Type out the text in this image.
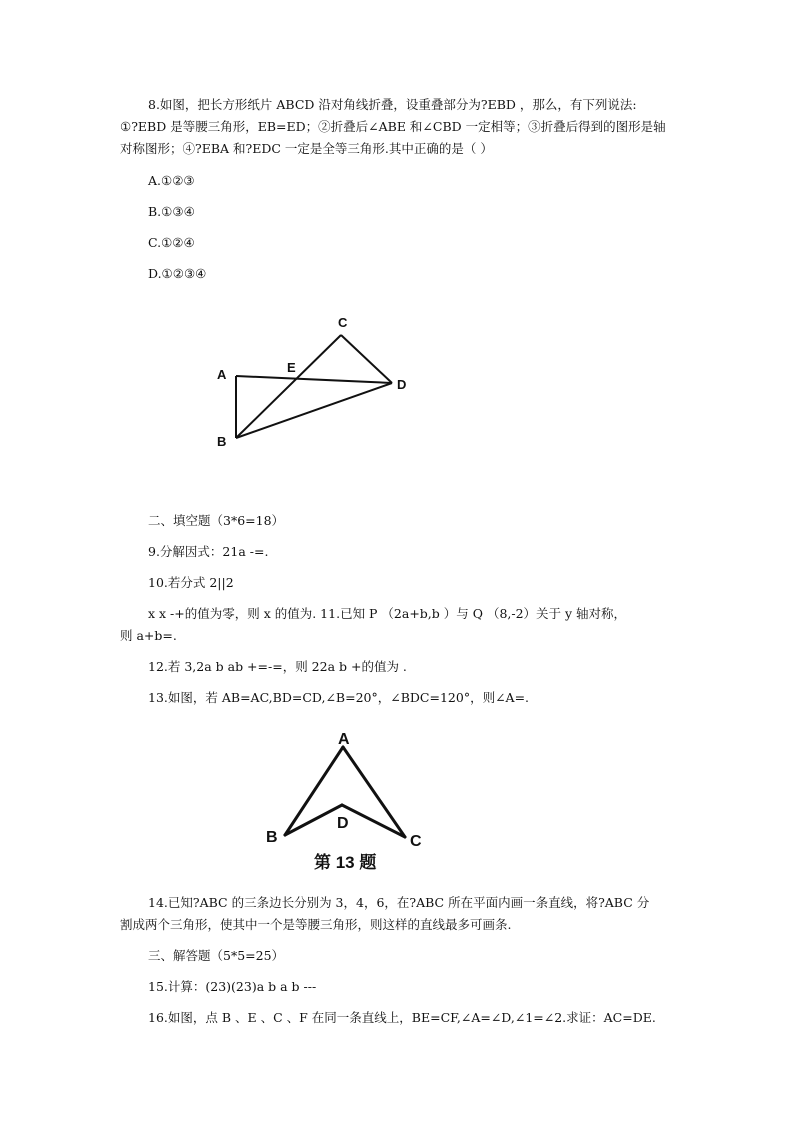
8.如图，把长方形纸片 ABCD 沿对角线折叠，设重叠部分为?EBD ，那么，有下列说法:
①?EBD 是等腰三角形，EB=ED；②折叠后∠ABE 和∠CBD 一定相等；③折叠后得到的图形是轴
对称图形；④?EBA 和?EDC 一定是全等三角形.其中正确的是（ ）
A.①②③
B.①③④
C.①②④
D.①②③④
A
B
C
D
E
二、填空题（3*6=18）
9.分解因式：21a -=.
10.若分式 2||2
x x -+的值为零，则 x 的值为. 11.已知 P （2a+b,b ）与 Q （8,-2）关于 y 轴对称，
则 a+b=.
12.若 3,2a b ab +=-=，则 22a b +的值为 .
13.如图，若 AB=AC,BD=CD,∠B=20°，∠BDC=120°，则∠A=.
A
B	C
D
第 13 题
14.已知?ABC 的三条边长分别为 3，4，6，在?ABC 所在平面内画一条直线，将?ABC 分
割成两个三角形，使其中一个是等腰三角形，则这样的直线最多可画条.
三、解答题（5*5=25）
15.计算：(23)(23)a b a b ---
16.如图，点 B 、E 、C 、F 在同一条直线上，BE=CF,∠A=∠D,∠1=∠2.求证：AC=DE.
